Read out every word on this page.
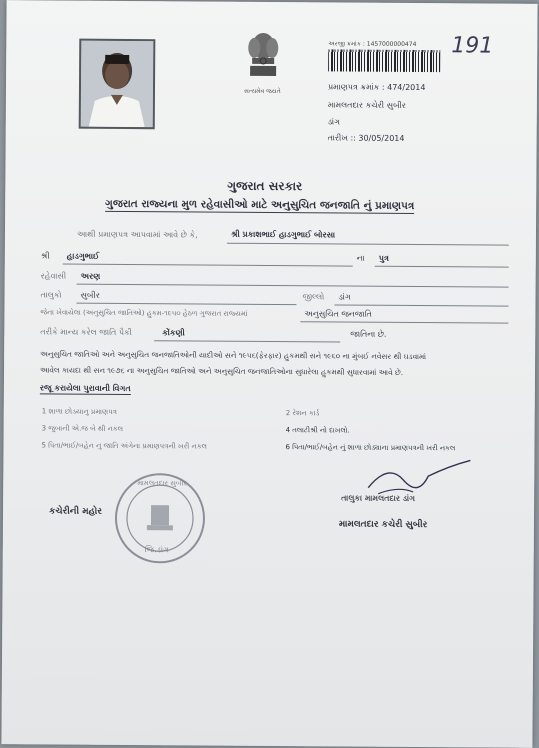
સત્યમેવ જયતે
અરજી ક્રમાંક : 1457000000474 191
પ્રમાણપત્ર ક્રમાંક : 474/2014
મામલતદાર કચેરી સુબીર
ડાંગ
તારીખ :: 30/05/2014
ગુજરાત સરકાર
ગુજરાત રાજ્યના મુળ રહેવાસીઓ માટે અનુસુચિત જનજાતિ નું પ્રમાણપત્ર
આથી પ્રમાણપત્ર આપવામાં આવે છે કે,	શ્રી પ્રકાશભાઈ હાડગુભાઈ બોરસા
શ્રી હાડગુભાઈ	ના પુત્ર
રહેવાસી અરણ
તાલુકો સુબીર	જીલ્લો ડાંગ
જેના ખેવાયેલા (અનુસુચિત જાતિઓ) હુકમ-૧૯૫૦ હેઠળ ગુજરાત રાજ્યમાં	અનુસુચિત જનજાતિ
તરીકે માન્ય કરેલ જાતિ પૈકી	કોંકણી	જાતિના છે.
અનુસુચિત જાતિઓ અને અનુસુચિત જનજાતિઓની યાદીઓ સને ૧૯૫૬(ફેરફાર) હુકમથી સને ૧૯૬૦ ના મુંબઈ નવેસર થી ઘડવામાં
આવેલ કાયદા થી સન ૧૯૭૬ ના અનુસુચિત જાતિઓ અને અનુસુચિત જનજાતિઓના સુધારેલા હુકમથી સુધારવામાં આવે છે.
રજૂ કરાયેલા પુરાવાની વિગત
1 શાળા છોડયાનુ પ્રમાણપત્ર	2 રેશન કાર્ડ
3 જુબાની એ.જ બે થી નકલ	4 તલાટીશ્રી નો દાખલો.
5 પિતા/ભાઈ/બહેન નુ જાતિ અંગેના પ્રમાણપત્રની ખરી નકલ	6 પિતા/ભાઈ/બહેન નું શાળા છોડ્યાના પ્રમાણપત્રની ખરી નકલ
કચેરીની મહોર
મામલતદાર સુબીર
જિ.ડાંગ
તાલુકા મામલતદાર ડાંગ
મામલતદાર કચેરી સુબીર
